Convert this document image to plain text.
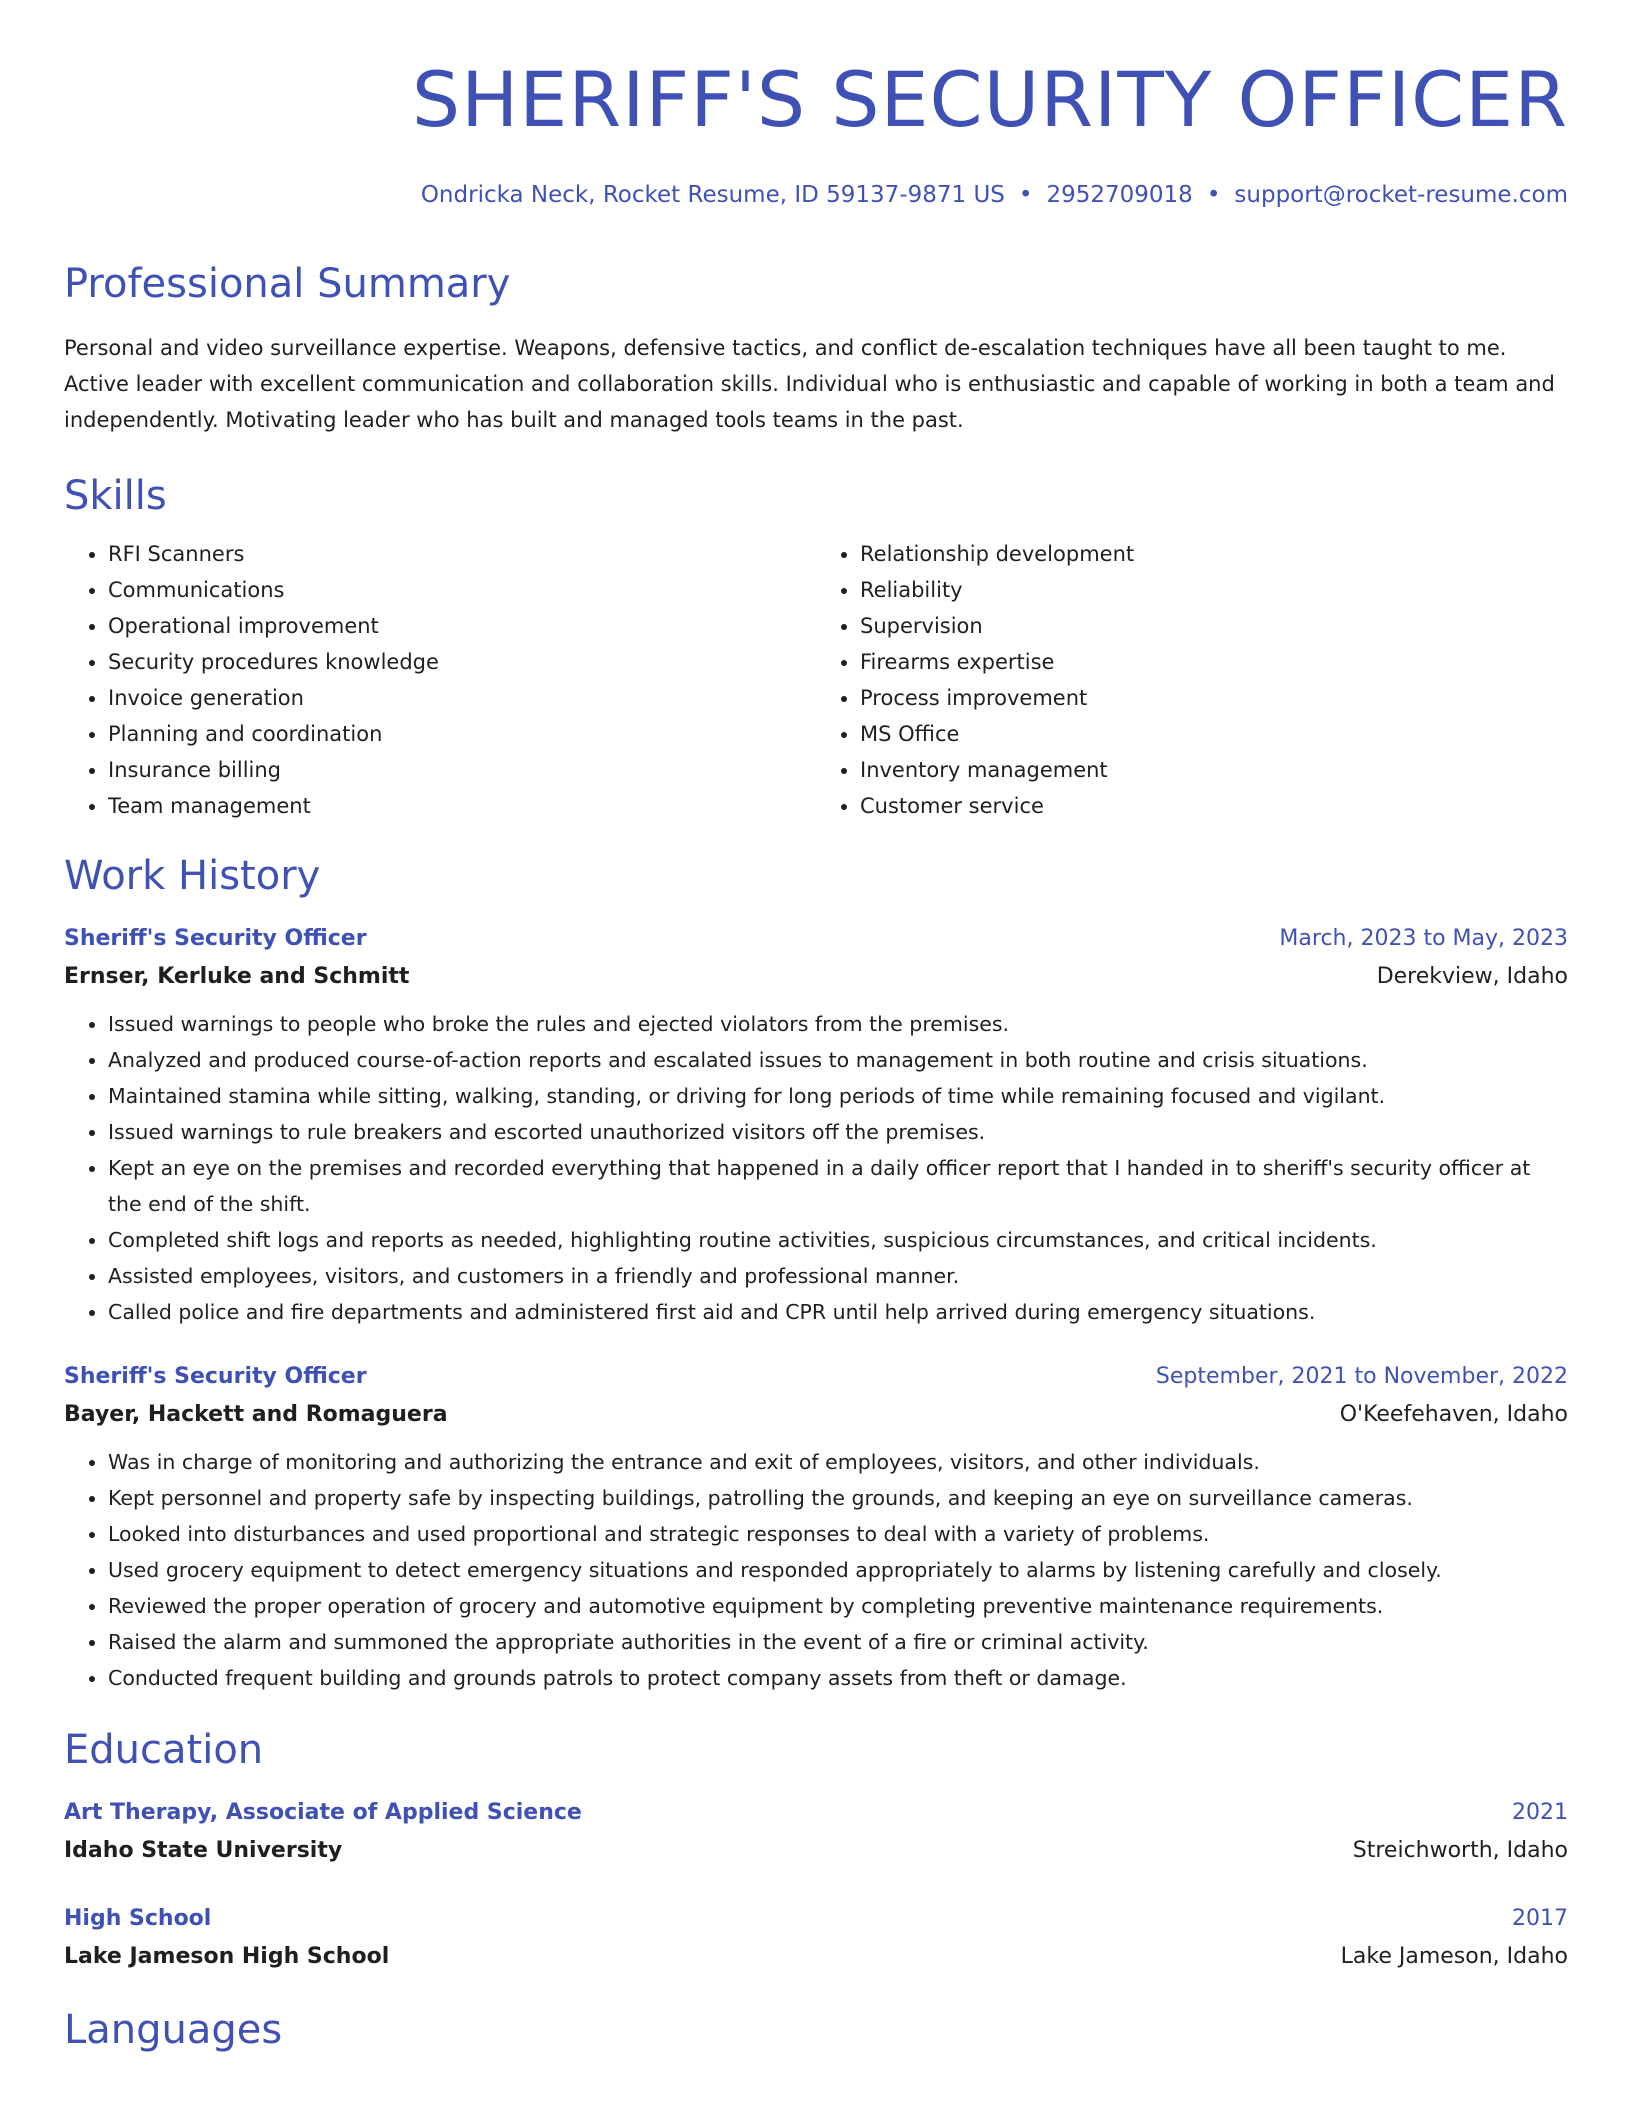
SHERIFF'S SECURITY OFFICER
Ondricka Neck, Rocket Resume, ID 59137-9871 US • 2952709018 • support@rocket-resume.com
Professional Summary
Personal and video surveillance expertise. Weapons, defensive tactics, and conflict de-escalation techniques have all been taught to me. Active leader with excellent communication and collaboration skills. Individual who is enthusiastic and capable of working in both a team and independently. Motivating leader who has built and managed tools teams in the past.
Skills
• RFI Scanners
• Communications
• Operational improvement
• Security procedures knowledge
• Invoice generation
• Planning and coordination
• Insurance billing
• Team management
• Relationship development
• Reliability
• Supervision
• Firearms expertise
• Process improvement
• MS Office
• Inventory management
• Customer service
Work History
Sheriff's Security Officer	March, 2023 to May, 2023
Ernser, Kerluke and Schmitt	Derekview, Idaho
• Issued warnings to people who broke the rules and ejected violators from the premises.
• Analyzed and produced course-of-action reports and escalated issues to management in both routine and crisis situations.
• Maintained stamina while sitting, walking, standing, or driving for long periods of time while remaining focused and vigilant.
• Issued warnings to rule breakers and escorted unauthorized visitors off the premises.
• Kept an eye on the premises and recorded everything that happened in a daily officer report that I handed in to sheriff's security officer at the end of the shift.
• Completed shift logs and reports as needed, highlighting routine activities, suspicious circumstances, and critical incidents.
• Assisted employees, visitors, and customers in a friendly and professional manner.
• Called police and fire departments and administered first aid and CPR until help arrived during emergency situations.
Sheriff's Security Officer	September, 2021 to November, 2022
Bayer, Hackett and Romaguera	O'Keefehaven, Idaho
• Was in charge of monitoring and authorizing the entrance and exit of employees, visitors, and other individuals.
• Kept personnel and property safe by inspecting buildings, patrolling the grounds, and keeping an eye on surveillance cameras.
• Looked into disturbances and used proportional and strategic responses to deal with a variety of problems.
• Used grocery equipment to detect emergency situations and responded appropriately to alarms by listening carefully and closely.
• Reviewed the proper operation of grocery and automotive equipment by completing preventive maintenance requirements.
• Raised the alarm and summoned the appropriate authorities in the event of a fire or criminal activity.
• Conducted frequent building and grounds patrols to protect company assets from theft or damage.
Education
Art Therapy, Associate of Applied Science	2021
Idaho State University	Streichworth, Idaho
High School	2017
Lake Jameson High School	Lake Jameson, Idaho
Languages
